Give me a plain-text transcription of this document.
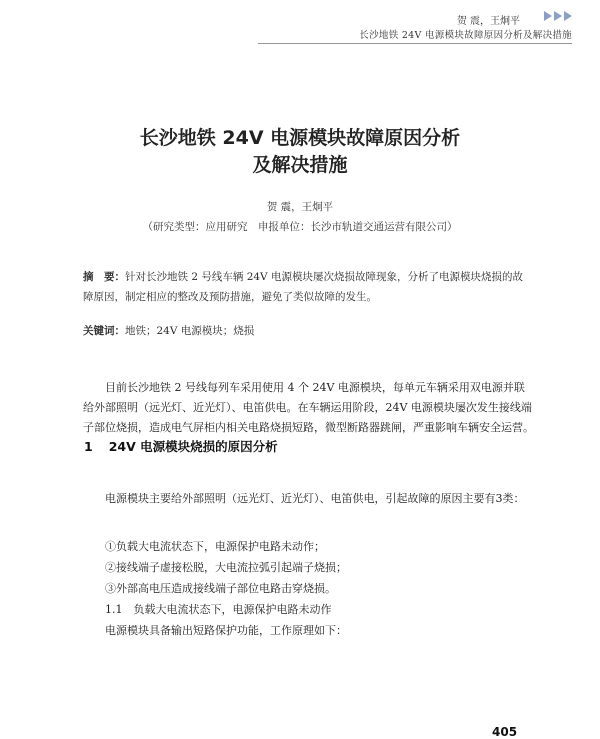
贺 震，王炯平
长沙地铁 24V 电源模块故障原因分析及解决措施
长沙地铁 24V 电源模块故障原因分析
及解决措施
贺 震，王炯平
（研究类型：应用研究　申报单位：长沙市轨道交通运营有限公司）
摘　要：针对长沙地铁 2 号线车辆 24V 电源模块屡次烧损故障现象，分析了电源模块烧损的故障原因，制定相应的整改及预防措施，避免了类似故障的发生。
关键词：地铁；24V 电源模块；烧损
目前长沙地铁 2 号线每列车采用使用 4 个 24V 电源模块，每单元车辆采用双电源并联给外部照明（远光灯、近光灯）、电笛供电。在车辆运用阶段，24V 电源模块屡次发生接线端子部位烧损，造成电气屏柜内相关电路烧损短路，微型断路器跳闸，严重影响车辆安全运营。
1 24V 电源模块烧损的原因分析
电源模块主要给外部照明（远光灯、近光灯）、电笛供电，引起故障的原因主要有3类：
①负载大电流状态下，电源保护电路未动作；
②接线端子虚接松脱，大电流拉弧引起端子烧损；
③外部高电压造成接线端子部位电路击穿烧损。
1.1　负载大电流状态下，电源保护电路未动作
电源模块具备输出短路保护功能，工作原理如下：
405
